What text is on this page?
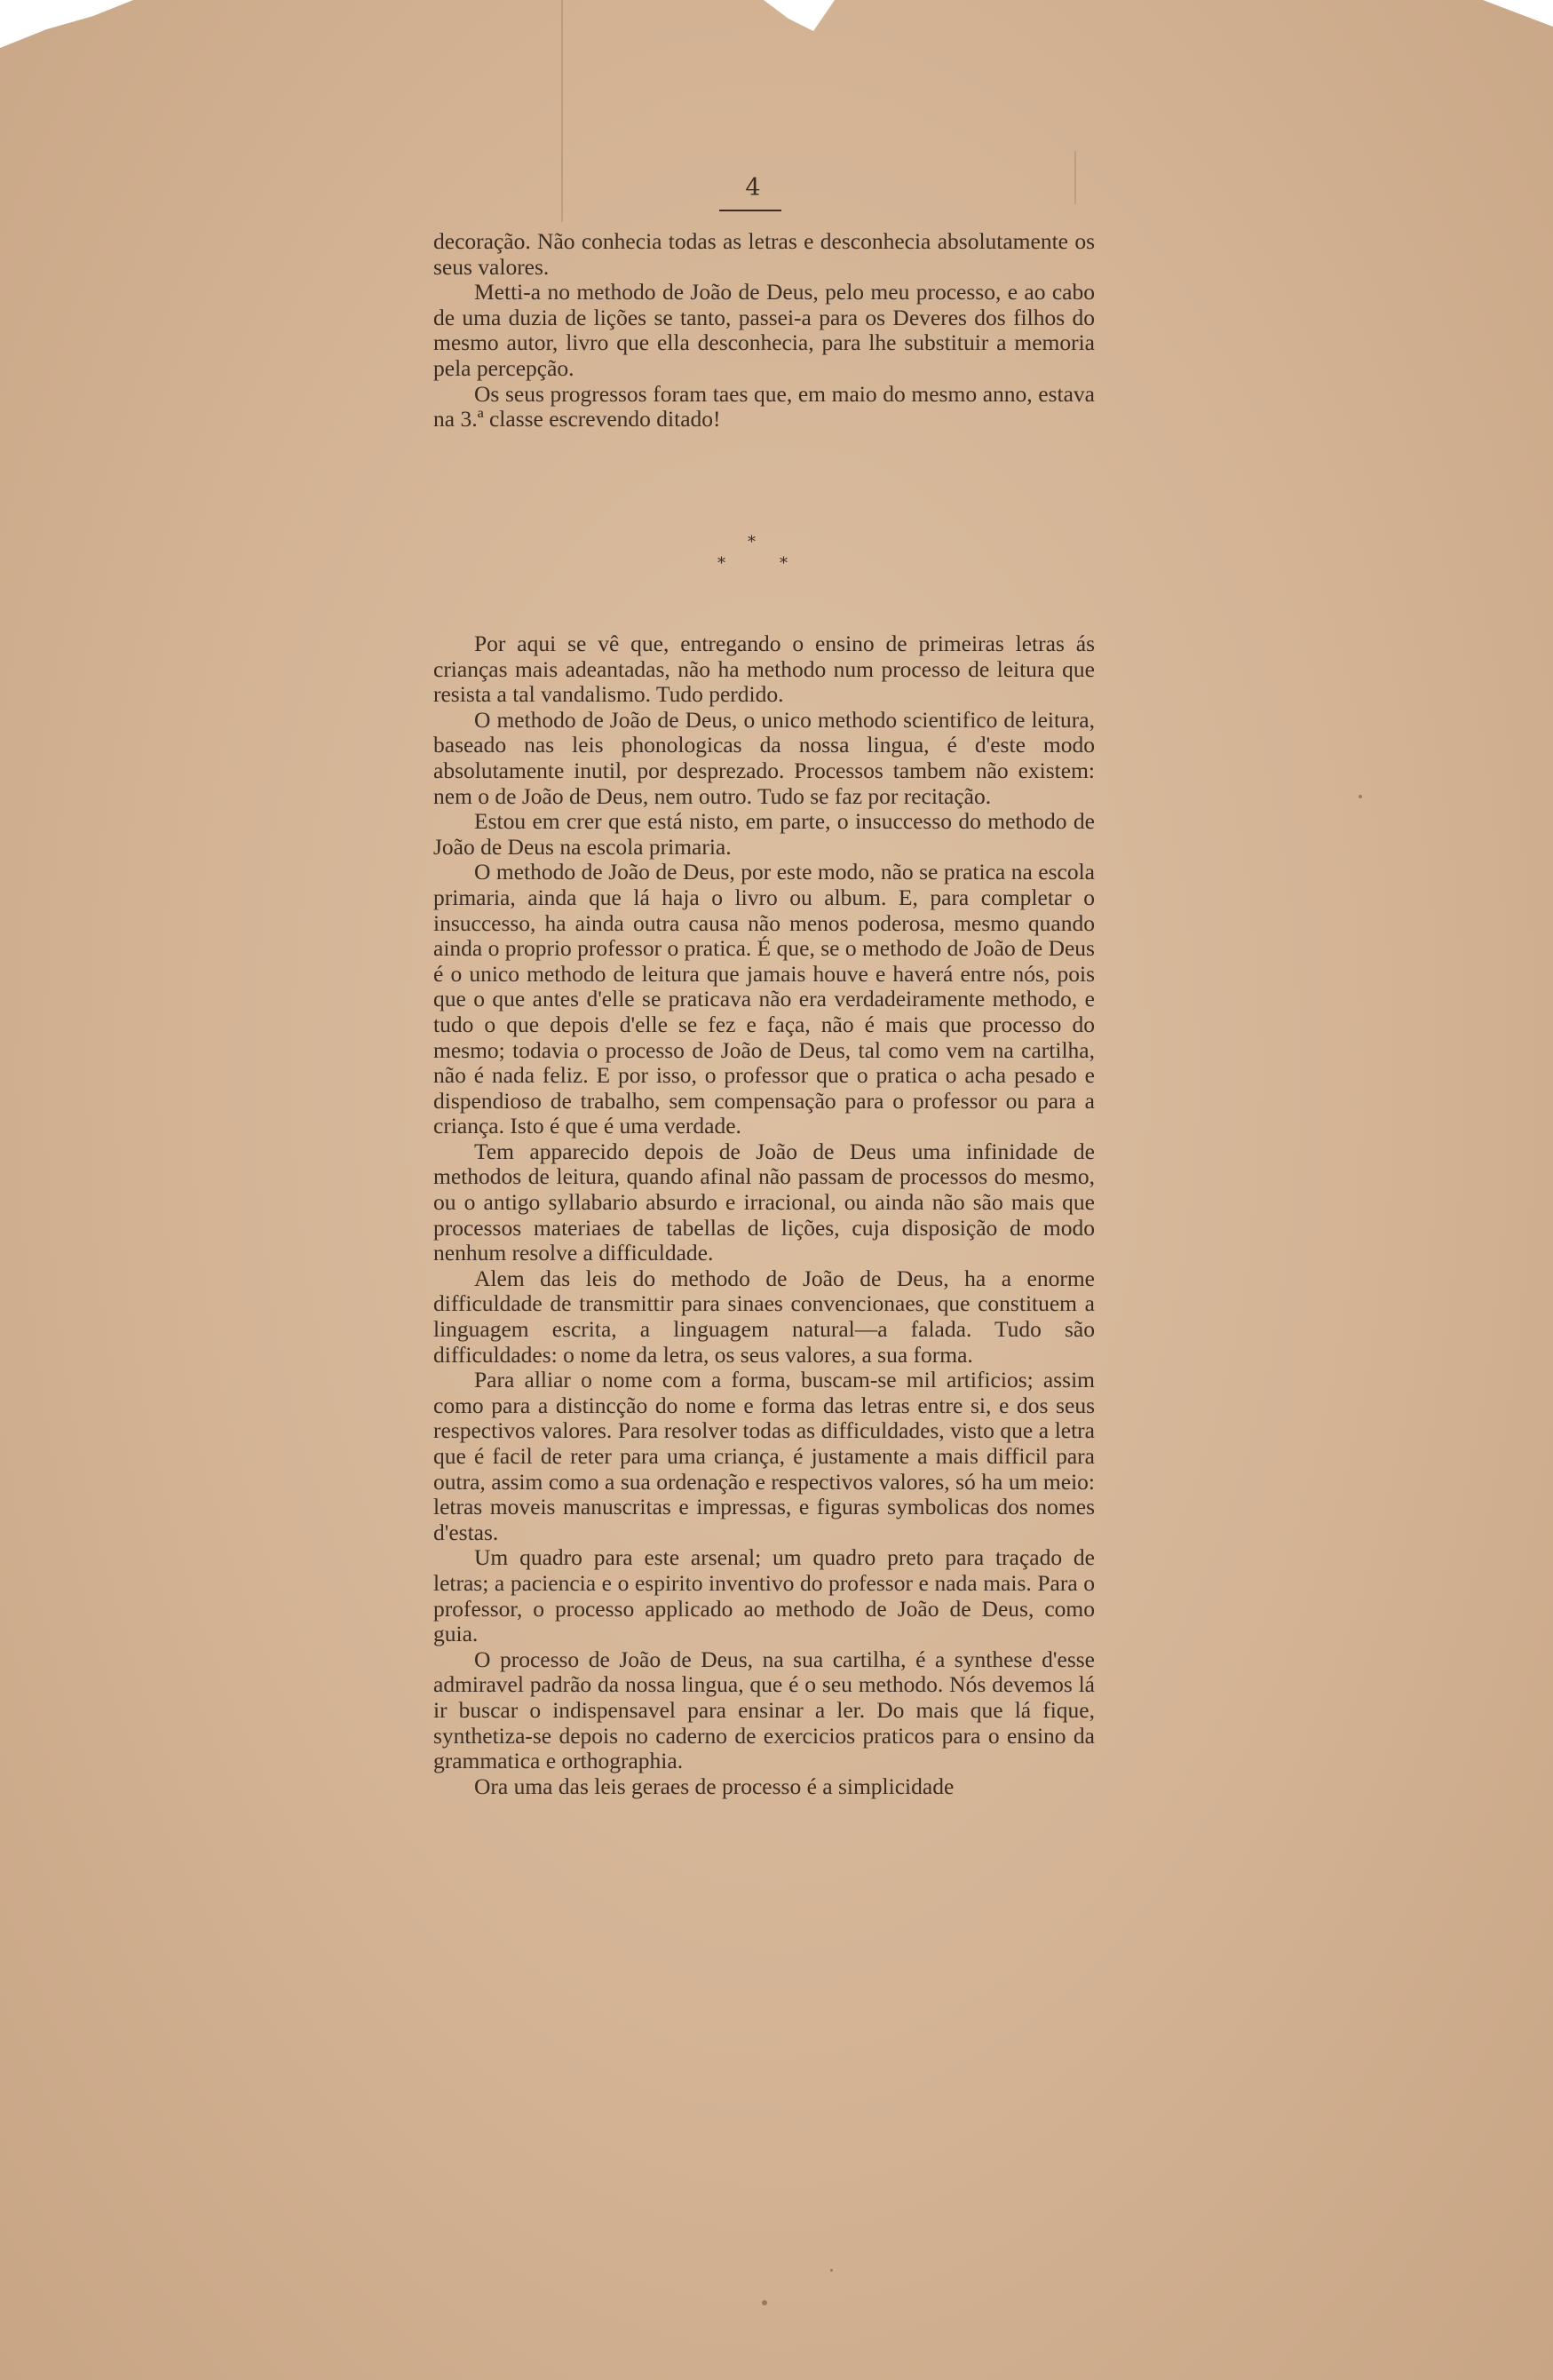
4

decoração. Não conhecia todas as letras e desconhecia absolutamente os seus valores.

Metti-a no methodo de João de Deus, pelo meu processo, e ao cabo de uma duzia de lições se tanto, passei-a para os Deveres dos filhos do mesmo autor, livro que ella desconhecia, para lhe substituir a memoria pela percepção.

Os seus progressos foram taes que, em maio do mesmo anno, estava na 3.ª classe escrevendo ditado!

*
*	*

Por aqui se vê que, entregando o ensino de primeiras letras ás crianças mais adeantadas, não ha methodo num processo de leitura que resista a tal vandalismo. Tudo perdido.

O methodo de João de Deus, o unico methodo scientifico de leitura, baseado nas leis phonologicas da nossa lingua, é d'este modo absolutamente inutil, por desprezado. Processos tambem não existem: nem o de João de Deus, nem outro. Tudo se faz por recitação.

Estou em crer que está nisto, em parte, o insuccesso do methodo de João de Deus na escola primaria.

O methodo de João de Deus, por este modo, não se pratica na escola primaria, ainda que lá haja o livro ou album. E, para completar o insuccesso, ha ainda outra causa não menos poderosa, mesmo quando ainda o proprio professor o pratica. É que, se o methodo de João de Deus é o unico methodo de leitura que jamais houve e haverá entre nós, pois que o que antes d'elle se praticava não era verdadeiramente methodo, e tudo o que depois d'elle se fez e faça, não é mais que processo do mesmo; todavia o processo de João de Deus, tal como vem na cartilha, não é nada feliz. E por isso, o professor que o pratica o acha pesado e dispendioso de trabalho, sem compensação para o professor ou para a criança. Isto é que é uma verdade.

Tem apparecido depois de João de Deus uma infinidade de methodos de leitura, quando afinal não passam de processos do mesmo, ou o antigo syllabario absurdo e irracional, ou ainda não são mais que processos materiaes de tabellas de lições, cuja disposição de modo nenhum resolve a difficuldade.

Alem das leis do methodo de João de Deus, ha a enorme difficuldade de transmittir para sinaes convencionaes, que constituem a linguagem escrita, a linguagem natural—a falada. Tudo são difficuldades: o nome da letra, os seus valores, a sua forma.

Para alliar o nome com a forma, buscam-se mil artificios; assim como para a distincção do nome e forma das letras entre si, e dos seus respectivos valores. Para resolver todas as difficuldades, visto que a letra que é facil de reter para uma criança, é justamente a mais difficil para outra, assim como a sua ordenação e respectivos valores, só ha um meio: letras moveis manuscritas e impressas, e figuras symbolicas dos nomes d'estas.

Um quadro para este arsenal; um quadro preto para traçado de letras; a paciencia e o espirito inventivo do professor e nada mais. Para o professor, o processo applicado ao methodo de João de Deus, como guia.

O processo de João de Deus, na sua cartilha, é a synthese d'esse admiravel padrão da nossa lingua, que é o seu methodo. Nós devemos lá ir buscar o indispensavel para ensinar a ler. Do mais que lá fique, synthetiza-se depois no caderno de exercicios praticos para o ensino da grammatica e orthographia.

Ora uma das leis geraes de processo é a simplicidade
